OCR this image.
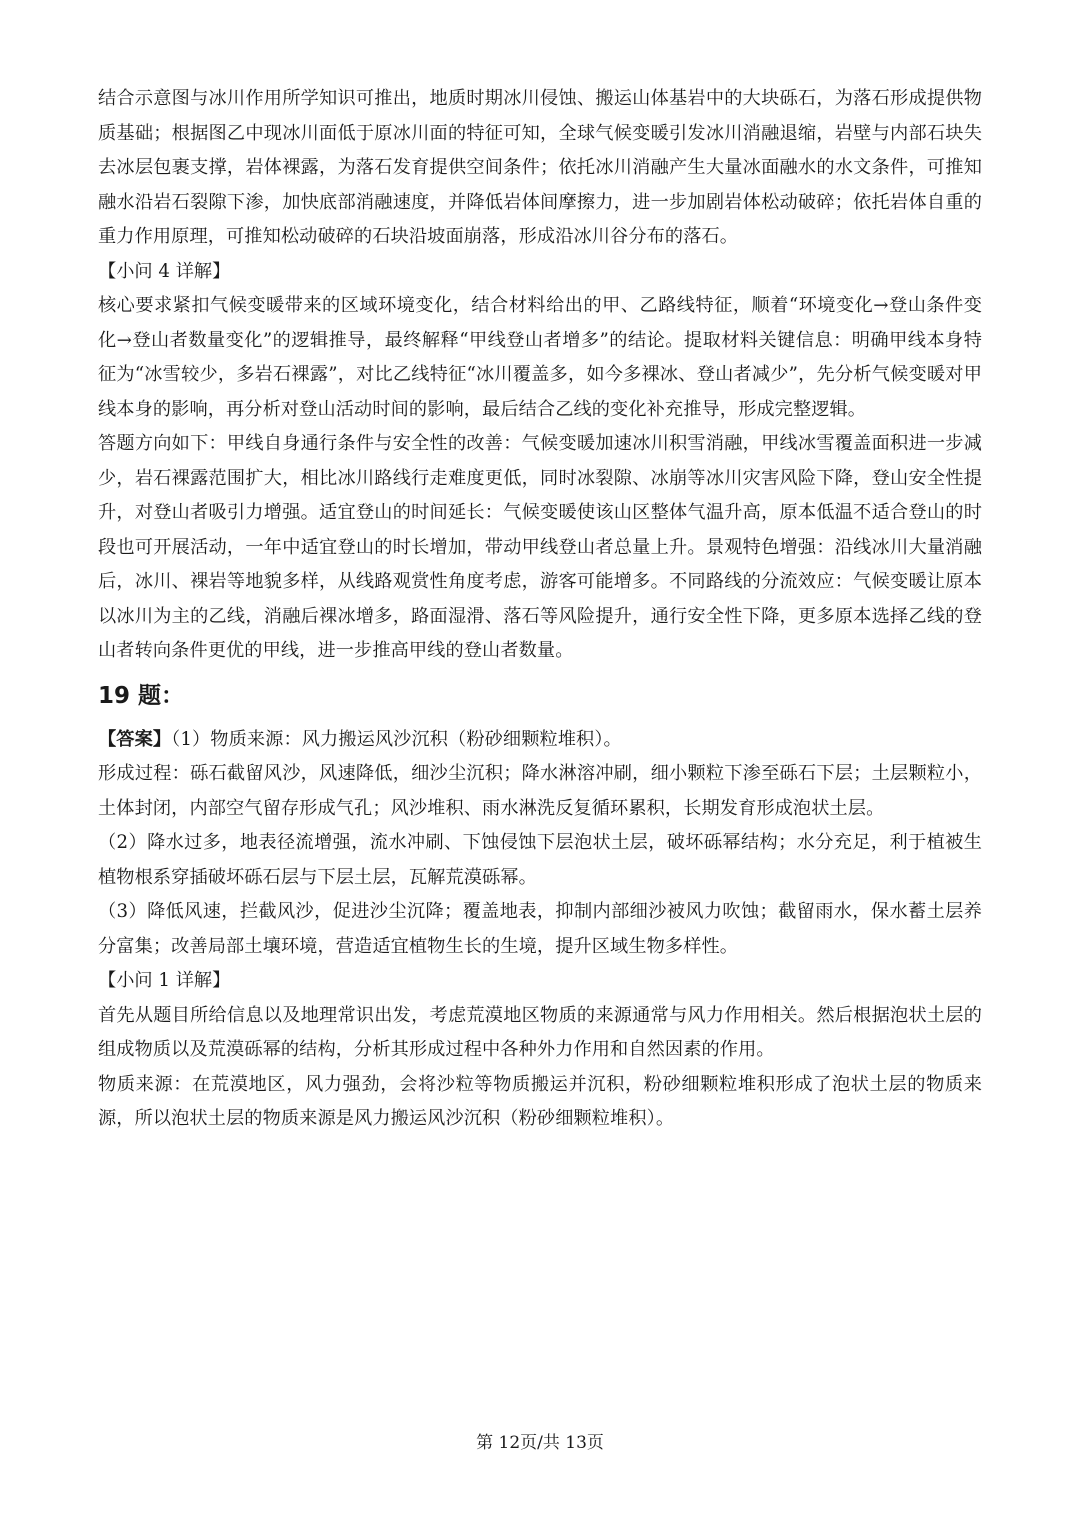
结合示意图与冰川作用所学知识可推出，地质时期冰川侵蚀、搬运山体基岩中的大块砾石，为落石形成提供物质基础；根据图乙中现冰川面低于原冰川面的特征可知，全球气候变暖引发冰川消融退缩，岩壁与内部石块失去冰层包裹支撑，岩体裸露，为落石发育提供空间条件；依托冰川消融产生大量冰面融水的水文条件，可推知融水沿岩石裂隙下渗，加快底部消融速度，并降低岩体间摩擦力，进一步加剧岩体松动破碎；依托岩体自重的重力作用原理，可推知松动破碎的石块沿坡面崩落，形成沿冰川谷分布的落石。

【小问 4 详解】

核心要求紧扣气候变暖带来的区域环境变化，结合材料给出的甲、乙路线特征，顺着“环境变化→登山条件变化→登山者数量变化”的逻辑推导，最终解释“甲线登山者增多”的结论。提取材料关键信息：明确甲线本身特征为“冰雪较少，多岩石裸露”，对比乙线特征“冰川覆盖多，如今多裸冰、登山者减少”，先分析气候变暖对甲线本身的影响，再分析对登山活动时间的影响，最后结合乙线的变化补充推导，形成完整逻辑。

答题方向如下：甲线自身通行条件与安全性的改善：气候变暖加速冰川积雪消融，甲线冰雪覆盖面积进一步减少，岩石裸露范围扩大，相比冰川路线行走难度更低，同时冰裂隙、冰崩等冰川灾害风险下降，登山安全性提升，对登山者吸引力增强。适宜登山的时间延长：气候变暖使该山区整体气温升高，原本低温不适合登山的时段也可开展活动，一年中适宜登山的时长增加，带动甲线登山者总量上升。景观特色增强：沿线冰川大量消融后，冰川、裸岩等地貌多样，从线路观赏性角度考虑，游客可能增多。不同路线的分流效应：气候变暖让原本以冰川为主的乙线，消融后裸冰增多，路面湿滑、落石等风险提升，通行安全性下降，更多原本选择乙线的登山者转向条件更优的甲线，进一步推高甲线的登山者数量。

19 题：

【答案】（1）物质来源：风力搬运风沙沉积（粉砂细颗粒堆积）。

形成过程：砾石截留风沙，风速降低，细沙尘沉积；降水淋溶冲刷，细小颗粒下渗至砾石下层；土层颗粒小，土体封闭，内部空气留存形成气孔；风沙堆积、雨水淋洗反复循环累积，长期发育形成泡状土层。

（2）降水过多，地表径流增强，流水冲刷、下蚀侵蚀下层泡状土层，破坏砾幂结构；水分充足，利于植被生植物根系穿插破坏砾石层与下层土层，瓦解荒漠砾幂。

（3）降低风速，拦截风沙，促进沙尘沉降；覆盖地表，抑制内部细沙被风力吹蚀；截留雨水，保水蓄土层养分富集；改善局部土壤环境，营造适宜植物生长的生境，提升区域生物多样性。

【小问 1 详解】

首先从题目所给信息以及地理常识出发，考虑荒漠地区物质的来源通常与风力作用相关。然后根据泡状土层的组成物质以及荒漠砾幂的结构，分析其形成过程中各种外力作用和自然因素的作用。

物质来源：在荒漠地区，风力强劲，会将沙粒等物质搬运并沉积，粉砂细颗粒堆积形成了泡状土层的物质来源，所以泡状土层的物质来源是风力搬运风沙沉积（粉砂细颗粒堆积）。

第 12页/共 13页
